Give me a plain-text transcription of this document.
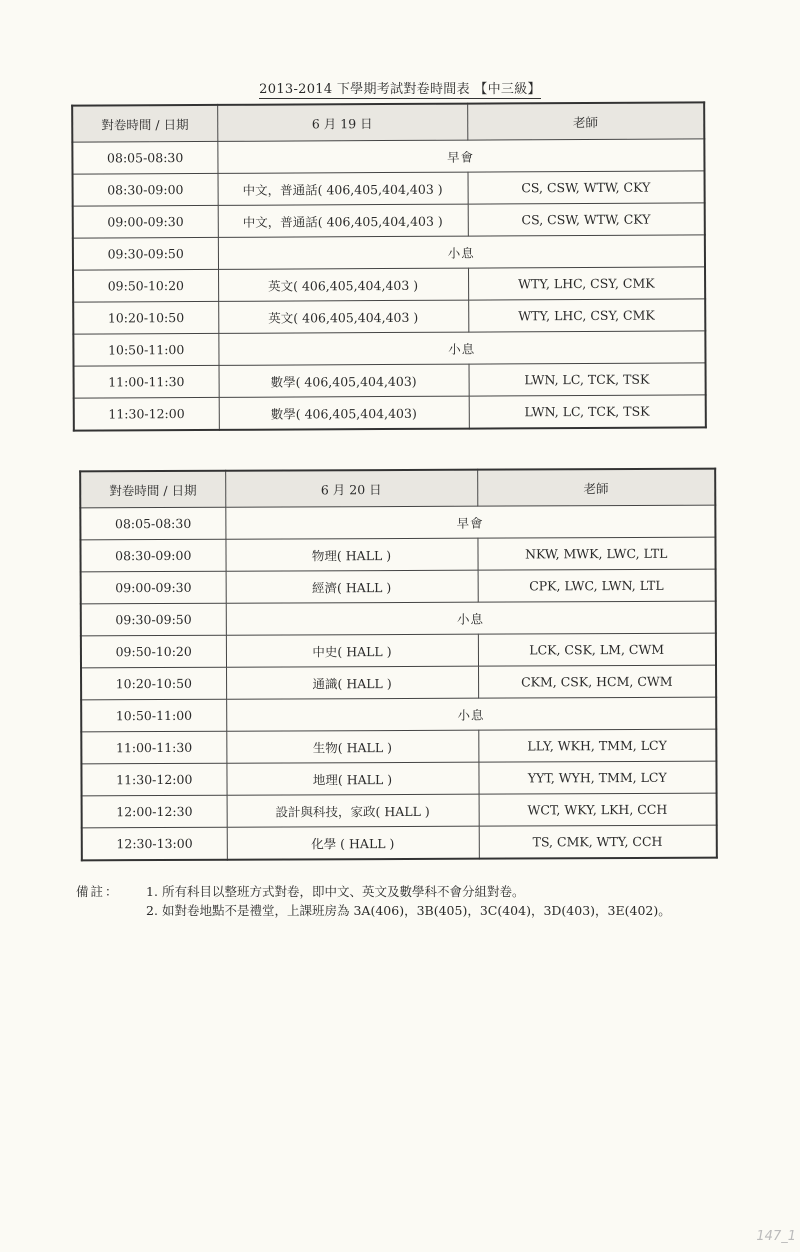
2013-2014 下學期考試對卷時間表 【中三級】
對卷時間 / 日期	6 月 19 日	老師
08:05-08:30	早會	
08:30-09:00	中文，普通話( 406,405,404,403 )	CS, CSW, WTW, CKY
09:00-09:30	中文，普通話( 406,405,404,403 )	CS, CSW, WTW, CKY
09:30-09:50	小息	
09:50-10:20	英文( 406,405,404,403 )	WTY, LHC, CSY, CMK
10:20-10:50	英文( 406,405,404,403 )	WTY, LHC, CSY, CMK
10:50-11:00	小息	
11:00-11:30	數學( 406,405,404,403)	LWN, LC, TCK, TSK
11:30-12:00	數學( 406,405,404,403)	LWN, LC, TCK, TSK
對卷時間 / 日期	6 月 20 日	老師
08:05-08:30	早會	
08:30-09:00	物理( HALL )	NKW, MWK, LWC, LTL
09:00-09:30	經濟( HALL )	CPK, LWC, LWN, LTL
09:30-09:50	小息	
09:50-10:20	中史( HALL )	LCK, CSK, LM, CWM
10:20-10:50	通識( HALL )	CKM, CSK, HCM, CWM
10:50-11:00	小息	
11:00-11:30	生物( HALL )	LLY, WKH, TMM, LCY
11:30-12:00	地理( HALL )	YYT, WYH, TMM, LCY
12:00-12:30	設計與科技，家政( HALL )	WCT, WKY, LKH, CCH
12:30-13:00	化學 ( HALL )	TS, CMK, WTY, CCH
備註： 1. 所有科目以整班方式對卷，即中文、英文及數學科不會分組對卷。
2. 如對卷地點不是禮堂，上課班房為 3A(406)，3B(405)，3C(404)，3D(403)，3E(402)。
147_1
